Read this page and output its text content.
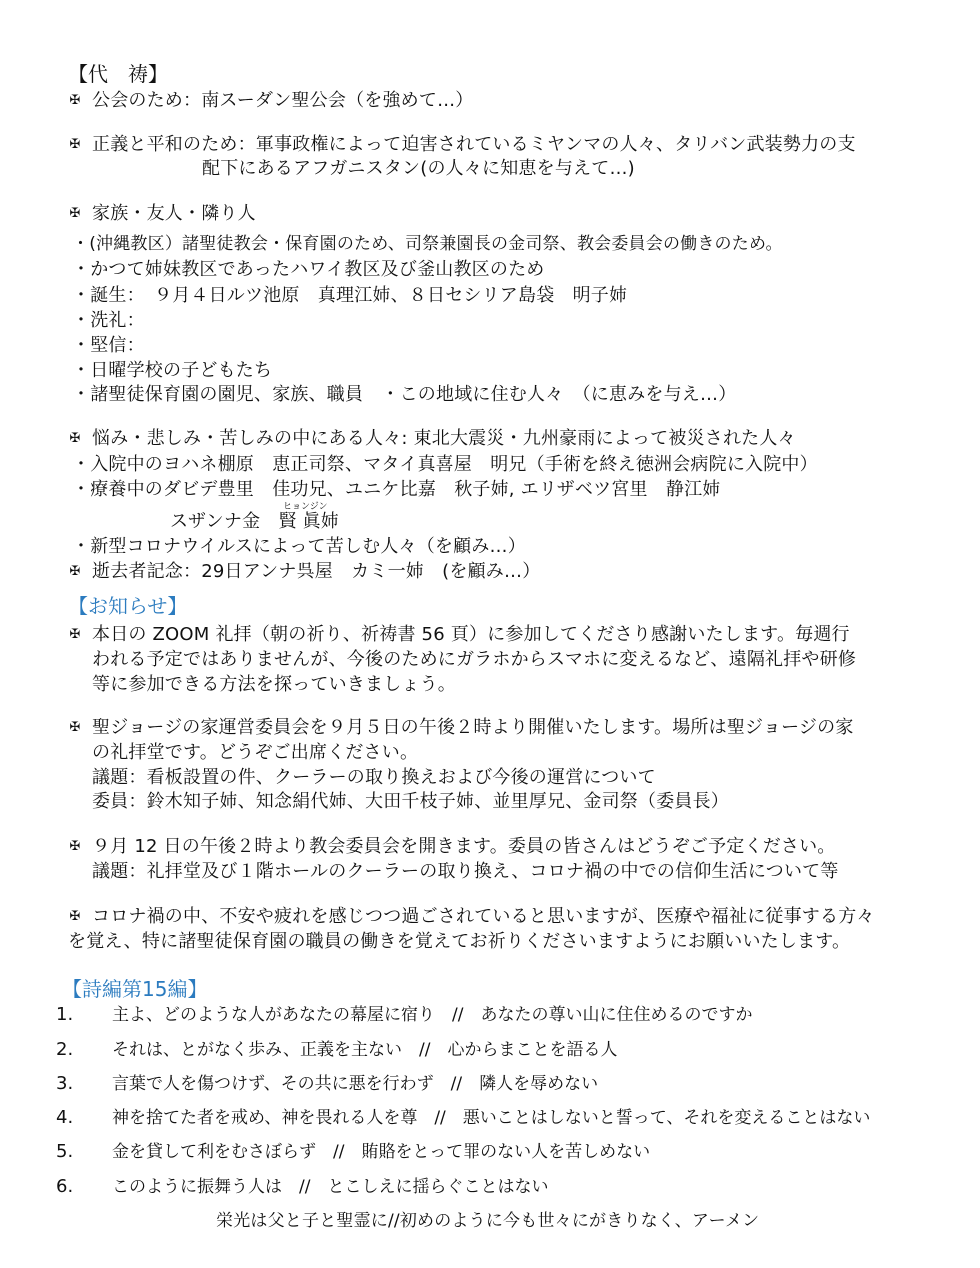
【代　祷】
✠ 公会のため：南スーダン聖公会（を強めて…）
✠ 正義と平和のため：軍事政権によって迫害されているミヤンマの人々、タリバン武装勢力の支
配下にあるアフガニスタン(の人々に知恵を与えて…)
✠ 家族・友人・隣り人
・(沖縄教区）諸聖徒教会・保育園のため、司祭兼園長の金司祭、教会委員会の働きのため。
・かつて姉妹教区であったハワイ教区及び釜山教区のため
・誕生：　９月４日ルツ池原　真理江姉、８日セシリア島袋　明子姉
・洗礼：
・堅信：
・日曜学校の子どもたち
・諸聖徒保育園の園児、家族、職員　・この地域に住む人々　（に恵みを与え…）
✠ 悩み・悲しみ・苦しみの中にある人々: 東北大震災・九州豪雨によって被災された人々
・入院中のヨハネ棚原　恵正司祭、マタイ真喜屋　明兄（手術を終え徳洲会病院に入院中）
・療養中のダビデ豊里　佳功兄、ユニケ比嘉　秋子姉, エリザベツ宮里　静江姉
ヒョンジン
スザンナ金　賢 眞姉
・新型コロナウイルスによって苦しむ人々（を顧み…）
✠ 逝去者記念：29日アンナ呉屋　カミ一姉　(を顧み…）
【お知らせ】
✠ 本日の ZOOM 礼拝（朝の祈り、祈祷書 56 頁）に参加してくださり感謝いたします。毎週行
われる予定ではありませんが、今後のためにガラホからスマホに変えるなど、遠隔礼拝や研修
等に参加できる方法を探っていきましょう。
✠ 聖ジョージの家運営委員会を９月５日の午後２時より開催いたします。場所は聖ジョージの家
の礼拝堂です。どうぞご出席ください。
議題：看板設置の件、クーラーの取り換えおよび今後の運営について
委員：鈴木知子姉、知念絹代姉、大田千枝子姉、並里厚兄、金司祭（委員長）
✠ ９月 12 日の午後２時より教会委員会を開きます。委員の皆さんはどうぞご予定ください。
議題：礼拝堂及び１階ホールのクーラーの取り換え、コロナ禍の中での信仰生活について等
✠ コロナ禍の中、不安や疲れを感じつつ過ごされていると思いますが、医療や福祉に従事する方々
を覚え、特に諸聖徒保育園の職員の働きを覚えてお祈りくださいますようにお願いいたします。
【詩編第15編】
1.	主よ、どのような人があなたの幕屋に宿り　//　あなたの尊い山に住住めるのですか
2.	それは、とがなく歩み、正義を主ない　//　心からまことを語る人
3.	言葉で人を傷つけず、その共に悪を行わず　//　隣人を辱めない
4.	神を捨てた者を戒め、神を畏れる人を尊　//　悪いことはしないと誓って、それを変えることはない
5.	金を貸して利をむさぼらず　//　賄賂をとって罪のない人を苦しめない
6.	このように振舞う人は　//　とこしえに揺らぐことはない
栄光は父と子と聖霊に//初めのように今も世々にがきりなく、アーメン
